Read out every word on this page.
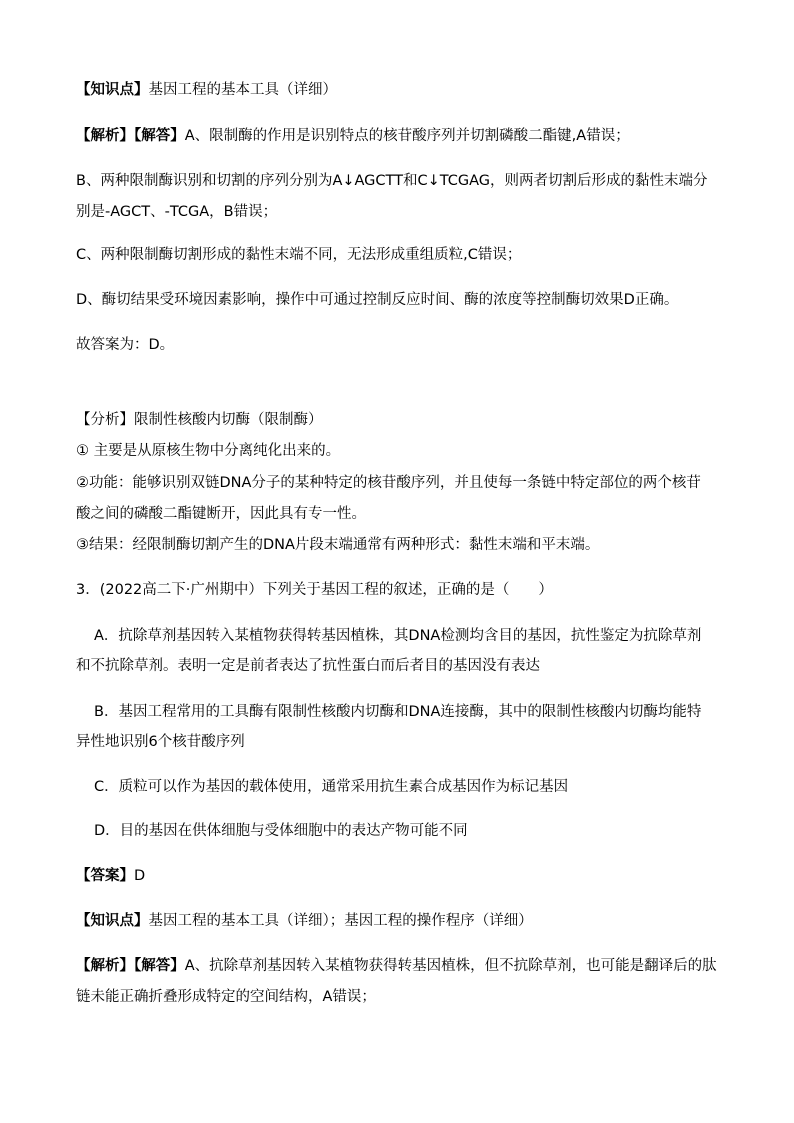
【知识点】基因工程的基本工具（详细）
【解析】【解答】A、限制酶的作用是识别特点的核苷酸序列并切割磷酸二酯键,A错误；
B、两种限制酶识别和切割的序列分别为A↓AGCTT和C↓TCGAG，则两者切割后形成的黏性末端分
别是-AGCT、-TCGA，B错误；
C、两种限制酶切割形成的黏性末端不同，无法形成重组质粒,C错误；
D、酶切结果受环境因素影响，操作中可通过控制反应时间、酶的浓度等控制酶切效果D正确。
故答案为：D。
【分析】限制性核酸内切酶（限制酶）
① 主要是从原核生物中分离纯化出来的。
②功能：能够识别双链DNA分子的某种特定的核苷酸序列，并且使每一条链中特定部位的两个核苷
酸之间的磷酸二酯键断开，因此具有专一性。
③结果：经限制酶切割产生的DNA片段末端通常有两种形式：黏性末端和平末端。
3．(2022高二下·广州期中）下列关于基因工程的叙述，正确的是（　　）
A．抗除草剂基因转入某植物获得转基因植株，其DNA检测均含目的基因，抗性鉴定为抗除草剂
和不抗除草剂。表明一定是前者表达了抗性蛋白而后者目的基因没有表达
B．基因工程常用的工具酶有限制性核酸内切酶和DNA连接酶，其中的限制性核酸内切酶均能特
异性地识别6个核苷酸序列
C．质粒可以作为基因的载体使用，通常采用抗生素合成基因作为标记基因
D．目的基因在供体细胞与受体细胞中的表达产物可能不同
【答案】D
【知识点】基因工程的基本工具（详细）；基因工程的操作程序（详细）
【解析】【解答】A、抗除草剂基因转入某植物获得转基因植株，但不抗除草剂，也可能是翻译后的肽
链未能正确折叠形成特定的空间结构，A错误；
